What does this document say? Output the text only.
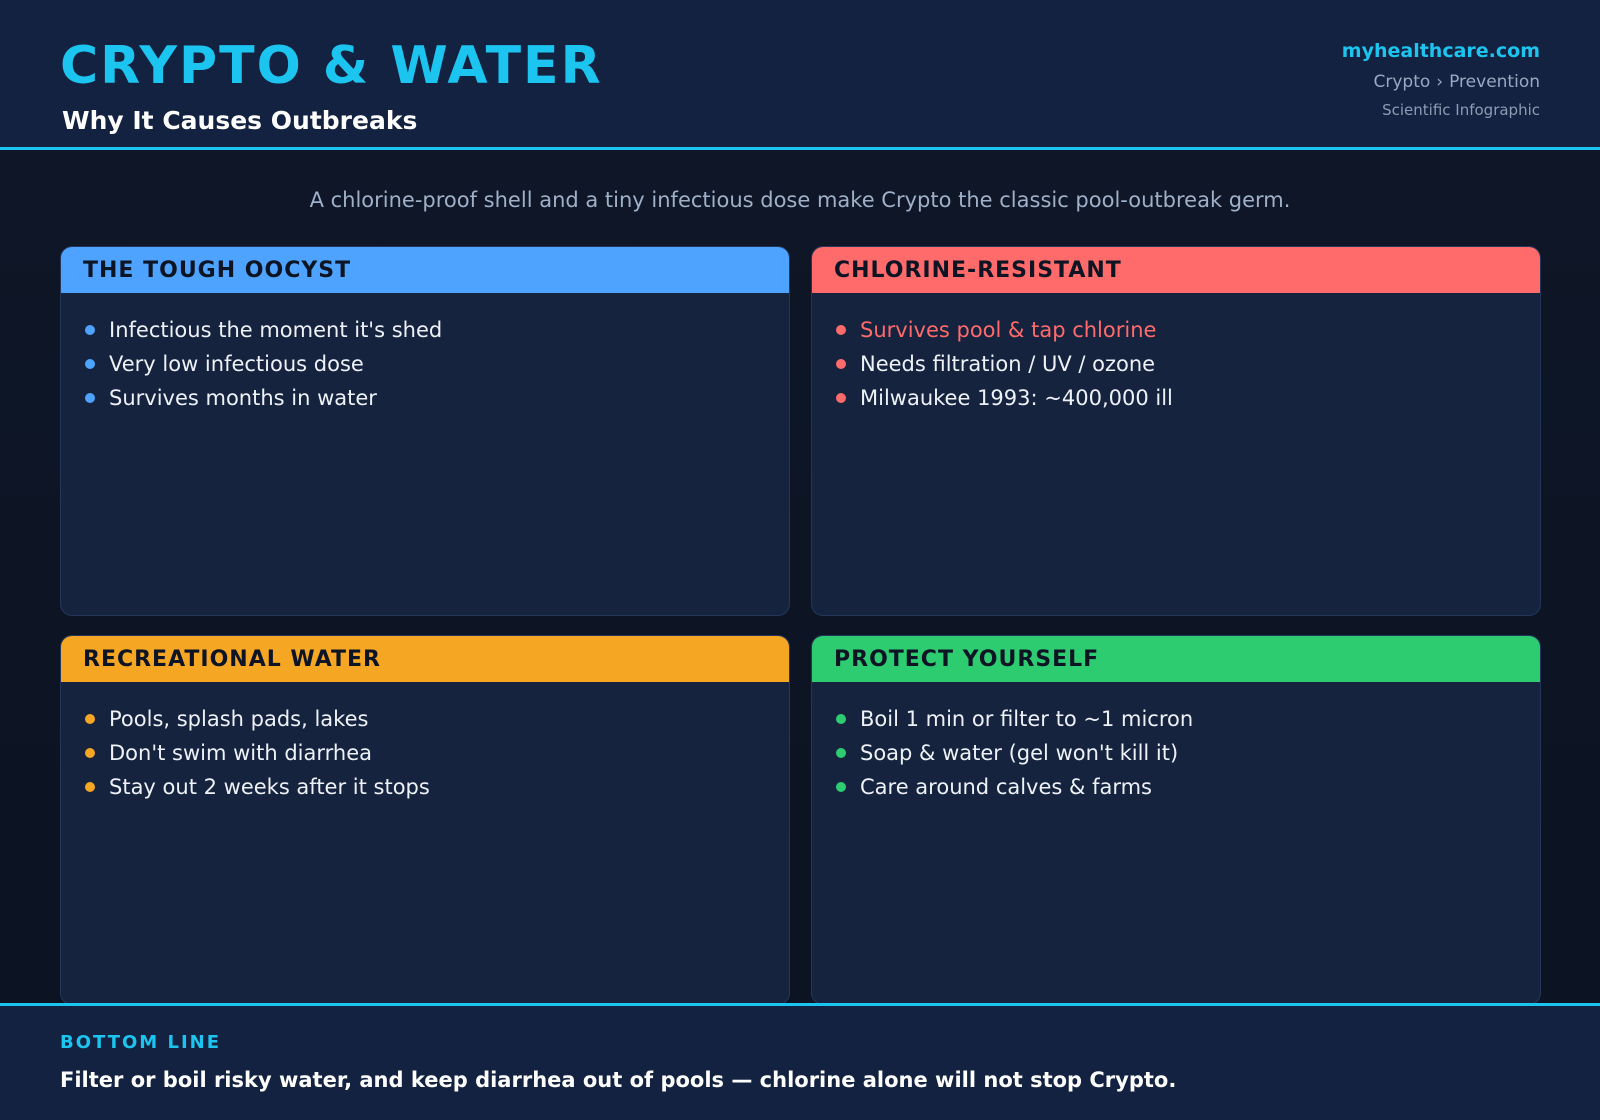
CRYPTO & WATER
Why It Causes Outbreaks
myhealthcare.com
Crypto › Prevention
Scientific Infographic
A chlorine-proof shell and a tiny infectious dose make Crypto the classic pool-outbreak germ.
THE TOUGH OOCYST
Infectious the moment it's shed
Very low infectious dose
Survives months in water
CHLORINE-RESISTANT
Survives pool & tap chlorine
Needs filtration / UV / ozone
Milwaukee 1993: ~400,000 ill
RECREATIONAL WATER
Pools, splash pads, lakes
Don't swim with diarrhea
Stay out 2 weeks after it stops
PROTECT YOURSELF
Boil 1 min or filter to ~1 micron
Soap & water (gel won't kill it)
Care around calves & farms
BOTTOM LINE
Filter or boil risky water, and keep diarrhea out of pools — chlorine alone will not stop Crypto.
